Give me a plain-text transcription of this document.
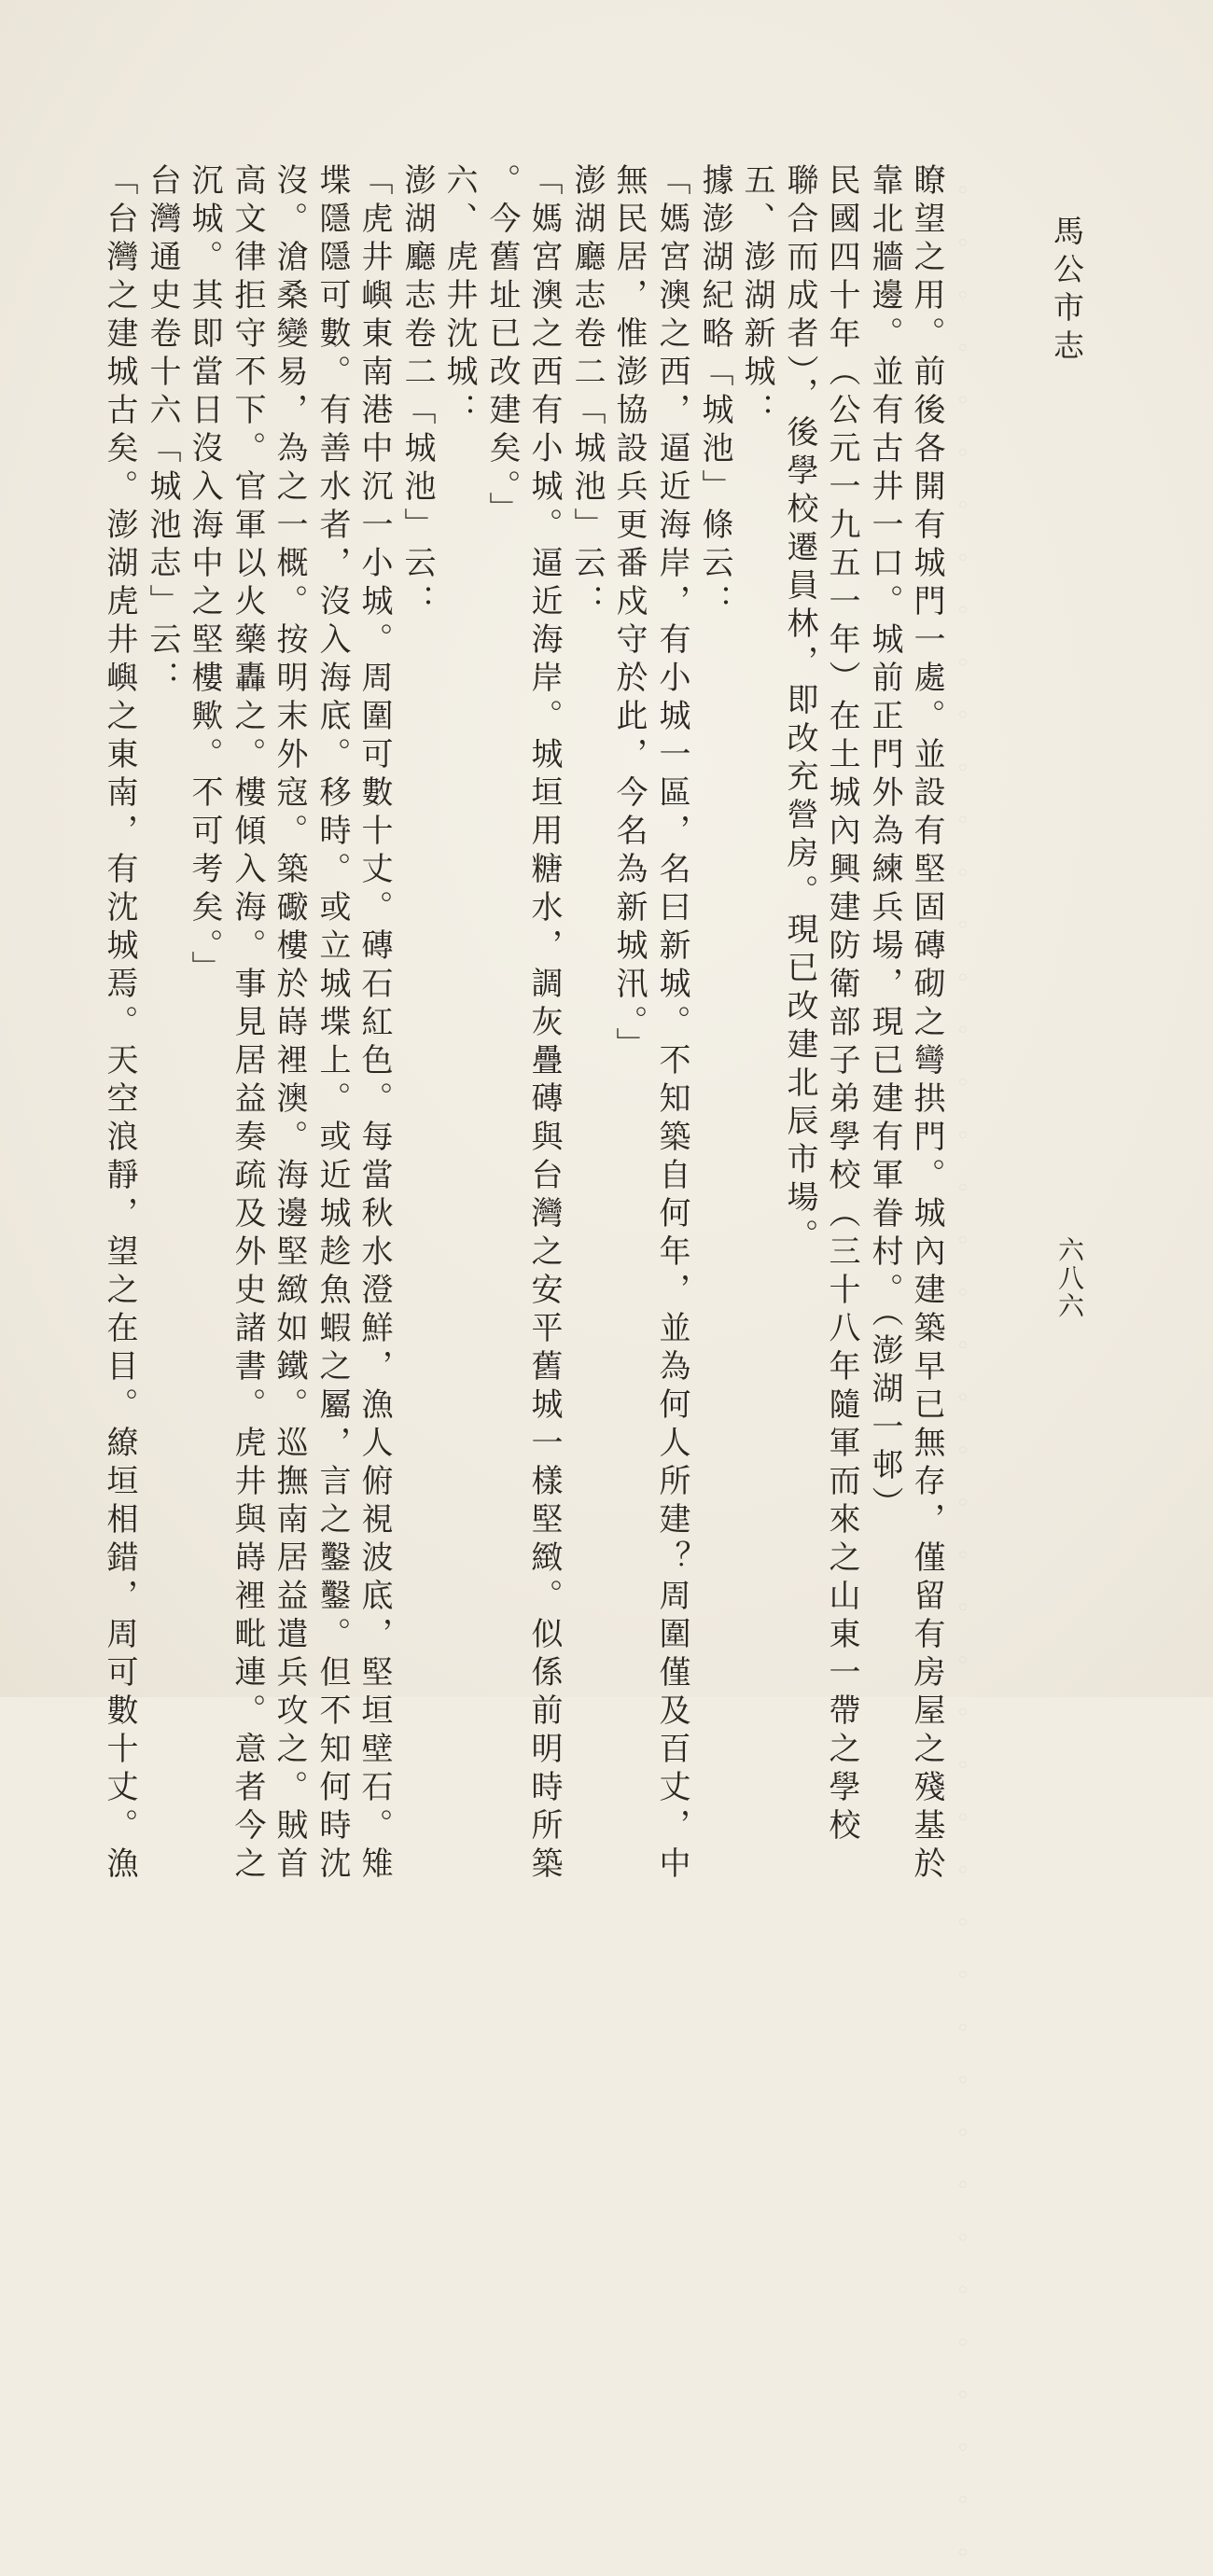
◦ ◦ ◦ ◦ ◦ ◦ ◦ ◦ ◦ ◦ ◦ ◦ ◦ ◦ ◦ ◦ ◦ ◦ ◦ ◦ ◦ ◦ ◦ ◦ ◦ ◦ ◦ ◦ ◦ ◦ ◦ ◦ ◦ ◦ ◦ ◦ ◦ ◦ ◦ ◦ ◦ ◦ ◦ ◦ ◦ ◦ 馬公市志
六八六
瞭望之用。前後各開有城門一處。並設有堅固磚砌之彎拱門。城內建築早已無存，僅留有房屋之殘基於
靠北牆邊。並有古井一口。城前正門外為練兵場，現已建有軍眷村。（澎湖一邨）
民國四十年（公元一九五一年）在土城內興建防衛部子弟學校（三十八年隨軍而來之山東一帶之學校
聯合而成者），後學校遷員林，即改充營房。現已改建北辰市場。
五、澎湖新城：
據澎湖紀略「城池」條云：
「媽宮澳之西，逼近海岸，有小城一區，名曰新城。不知築自何年，並為何人所建？周圍僅及百丈，中
無民居，惟澎協設兵更番戍守於此，今名為新城汛。」
澎湖廳志卷二「城池」云：
「媽宮澳之西有小城。逼近海岸。城垣用糖水，調灰疊磚與台灣之安平舊城一樣堅緻。似係前明時所築
。今舊址已改建矣。」
六、虎井沈城：
澎湖廳志卷二「城池」云：
「虎井嶼東南港中沉一小城。周圍可數十丈。磚石紅色。每當秋水澄鮮，漁人俯視波底，堅垣壁石。雉
堞隱隱可數。有善水者，沒入海底。移時。或立城堞上。或近城趁魚蝦之屬，言之鑿鑿。但不知何時沈
沒。滄桑變易，為之一概。按明末外寇。築礮樓於嵵裡澳。海邊堅緻如鐵。巡撫南居益遣兵攻之。賊首
高文律拒守不下。官軍以火藥轟之。樓傾入海。事見居益奏疏及外史諸書。虎井與嵵裡毗連。意者今之
沉城。其即當日沒入海中之堅樓歟。不可考矣。」
台灣通史卷十六「城池志」云：
「台灣之建城古矣。澎湖虎井嶼之東南，有沈城焉。天空浪靜，望之在目。繚垣相錯，周可數十丈。漁
